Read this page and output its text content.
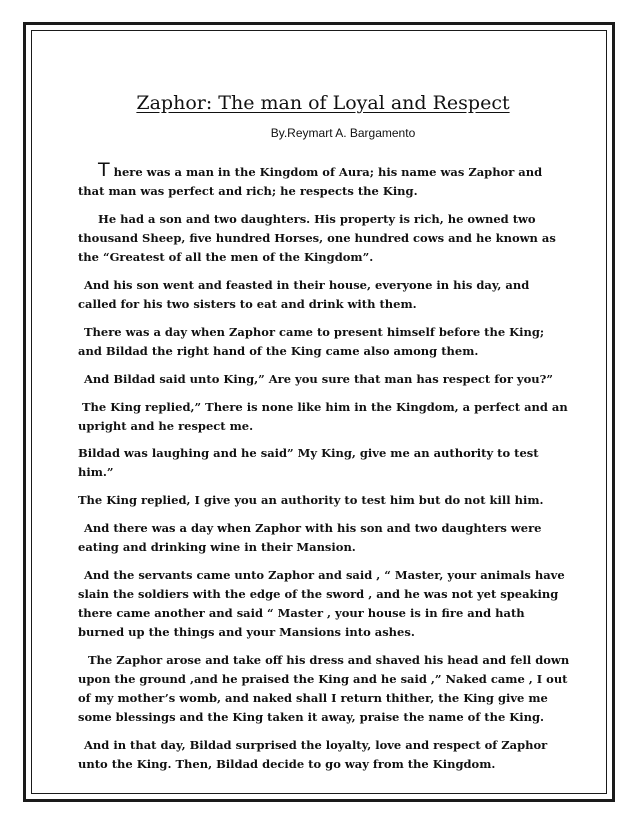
Zaphor: The man of Loyal and Respect
By.Reymart A. Bargamento

There was a man in the Kingdom of Aura; his name was Zaphor and
that man was perfect and rich; he respects the King.

He had a son and two daughters. His property is rich, he owned two
thousand Sheep, five hundred Horses, one hundred cows and he known as
the “Greatest of all the men of the Kingdom”.

And his son went and feasted in their house, everyone in his day, and
called for his two sisters to eat and drink with them.

There was a day when Zaphor came to present himself before the King;
and Bildad the right hand of the King came also among them.

And Bildad said unto King,” Are you sure that man has respect for you?”

The King replied,” There is none like him in the Kingdom, a perfect and an
upright and he respect me.

Bildad was laughing and he said” My King, give me an authority to test
him.”

The King replied, I give you an authority to test him but do not kill him.

And there was a day when Zaphor with his son and two daughters were
eating and drinking wine in their Mansion.

And the servants came unto Zaphor and said , “ Master, your animals have
slain the soldiers with the edge of the sword , and he was not yet speaking
there came another and said “ Master , your house is in fire and hath
burned up the things and your Mansions into ashes.

The Zaphor arose and take off his dress and shaved his head and fell down
upon the ground ,and he praised the King and he said ,” Naked came , I out
of my mother’s womb, and naked shall I return thither, the King give me
some blessings and the King taken it away, praise the name of the King.

And in that day, Bildad surprised the loyalty, love and respect of Zaphor
unto the King. Then, Bildad decide to go way from the Kingdom.
